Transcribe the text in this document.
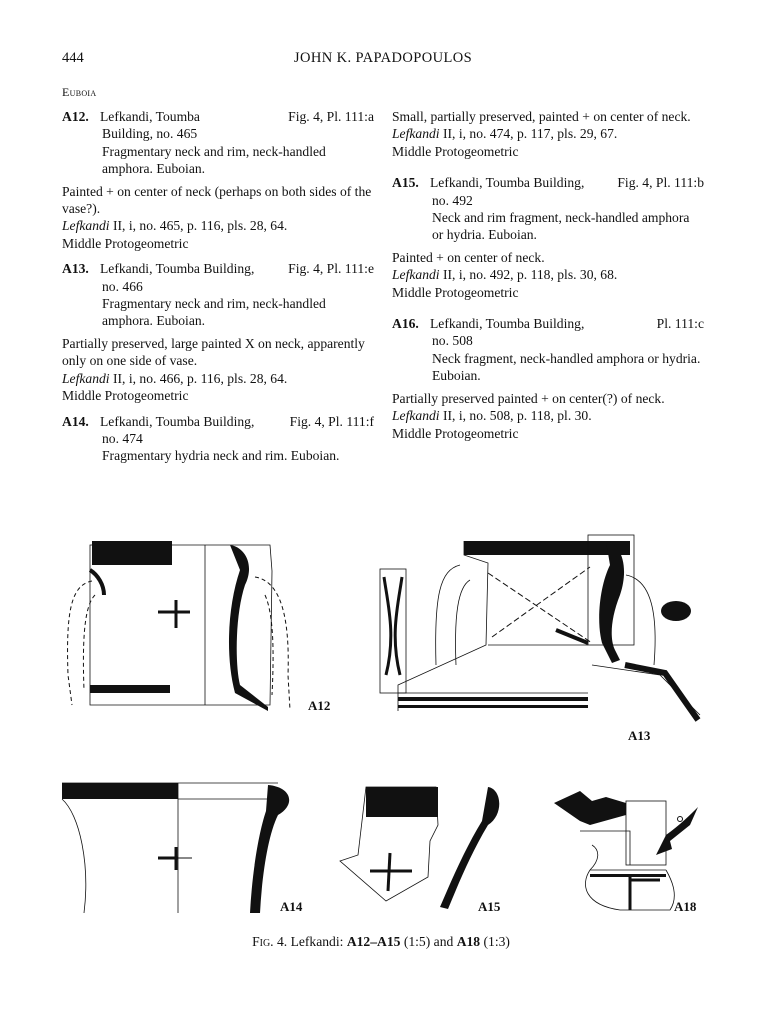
444	JOHN K. PAPADOPOULOS
Euboia
A12. Lefkandi, Toumba	Fig. 4, Pl. 111:a

Building, no. 465

Fragmentary neck and rim, neck-handled amphora. Euboian.

Painted + on center of neck (perhaps on both sides of the vase?).

Lefkandi II, i, no. 465, p. 116, pls. 28, 64.

Middle Protogeometric

A13. Lefkandi, Toumba Building, Fig. 4, Pl. 111:e

no. 466

Fragmentary neck and rim, neck-handled amphora. Euboian.

Partially preserved, large painted X on neck, apparently only on one side of vase.

Lefkandi II, i, no. 466, p. 116, pls. 28, 64.

Middle Protogeometric

A14. Lefkandi, Toumba Building,	Fig. 4, Pl. 111:f

no. 474

Fragmentary hydria neck and rim. Euboian.

Small, partially preserved, painted + on center of neck.

Lefkandi II, i, no. 474, p. 117, pls. 29, 67.

Middle Protogeometric

A15. Lefkandi, Toumba Building, Fig. 4, Pl. 111:b

no. 492

Neck and rim fragment, neck-handled amphora or hydria. Euboian.

Painted + on center of neck.

Lefkandi II, i, no. 492, p. 118, pls. 30, 68.

Middle Protogeometric

A16. Lefkandi, Toumba Building,	Pl. 111:c

no. 508

Neck fragment, neck-handled amphora or hydria. Euboian.

Partially preserved painted + on center(?) of neck.

Lefkandi II, i, no. 508, p. 118, pl. 30.

Middle Protogeometric

A12
A13
A14	A15	A18
Fig. 4. Lefkandi: A12–A15 (1:5) and A18 (1:3)
